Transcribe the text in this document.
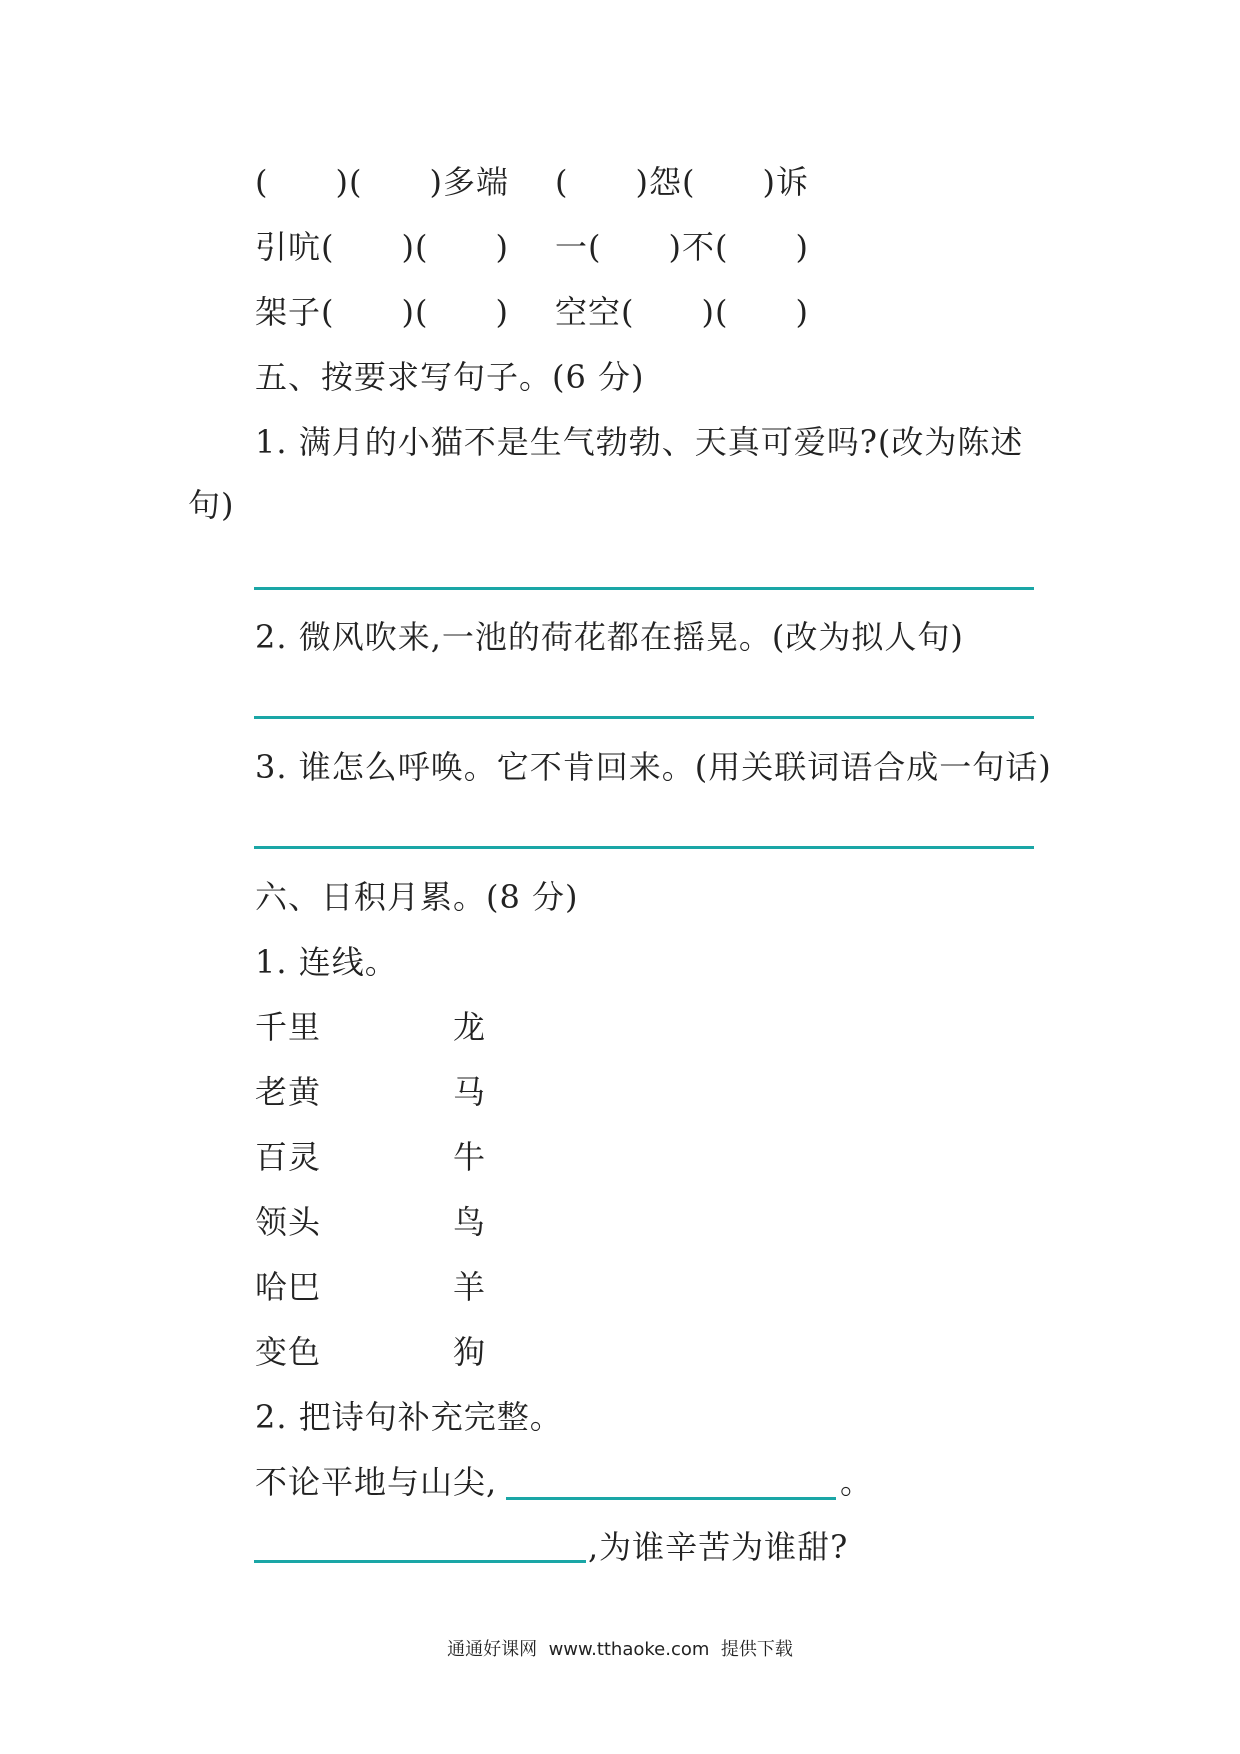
(      )(      )多端 (      )怨(      )诉
引吭(      )(      ) 一(      )不(      )
架子(      )(      ) 空空(      )(      )
五、按要求写句子。(6 分)
1. 满月的小猫不是生气勃勃、天真可爱吗?(改为陈述
句)
2. 微风吹来,一池的荷花都在摇晃。(改为拟人句)
3. 谁怎么呼唤。它不肯回来。(用关联词语合成一句话)
六、日积月累。(8 分)
1. 连线。
千里	龙
老黄	马
百灵	牛
领头	鸟
哈巴	羊
变色	狗
2. 把诗句补充完整。
不论平地与山尖,	。
,为谁辛苦为谁甜?
通通好课网  www.tthaoke.com  提供下载
